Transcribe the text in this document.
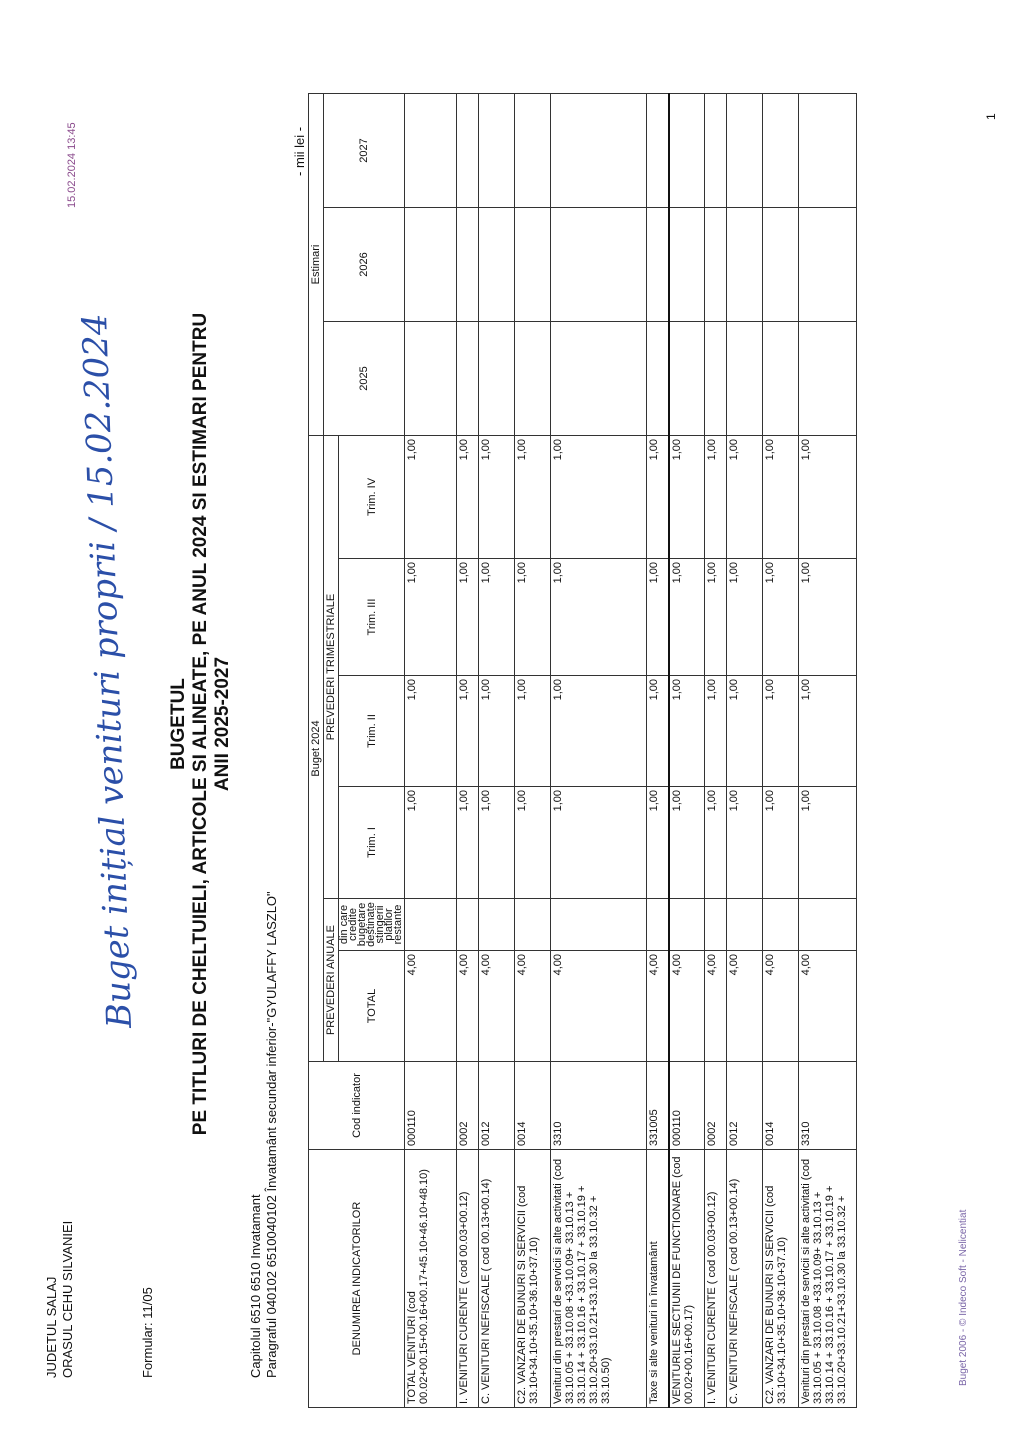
JUDETUL SALAJ ORASUL CEHU SILVANIEI	Formular: 11/05
15.02.2024 13:45
Buget inițial venituri proprii / 15.02.2024 BUGETUL PE TITLURI DE CHELTUIELI, ARTICOLE SI ALINEATE, PE ANUL 2024 SI ESTIMARI PENTRU ANII 2025-2027
Capitolul 6510 6510 Invatamant Paragraful 040102 6510040102 Învatamânt secundar inferior-"GYULAFFY LASZLO"
- mii lei -
DENUMIREA INDICATORILOR	Cod indicator	Buget 2024						Estimari		
		PREVEDERI ANUALE		PREVEDERI TRIMESTRIALE				2025	2026	2027
		TOTAL	din care credite bugetare destinate stingerii platilor restante	Trim. I	Trim. II	Trim. III	Trim. IV			

TOTAL VENITURI (cod 00.02+00.15+00.16+00.17+45.10+46.10+48.10)	000110	4,00		1,00	1,00	1,00	1,00			
I. VENITURI CURENTE ( cod 00.03+00.12)	0002	4,00		1,00	1,00	1,00	1,00			
C. VENITURI NEFISCALE ( cod 00.13+00.14)	0012	4,00		1,00	1,00	1,00	1,00			
C2. VANZARI DE BUNURI SI SERVICII (cod 33.10+34.10+35.10+36.10+37.10)	0014	4,00		1,00	1,00	1,00	1,00			
Venituri din prestari de servicii si alte activitati (cod 33.10.05 + 33.10.08 +33.10.09+ 33.10.13 + 33.10.14 + 33.10.16 + 33.10.17 + 33.10.19 + 33.10.20+33.10.21+33.10.30 la 33.10.32 + 33.10.50)	3310	4,00		1,00	1,00	1,00	1,00			
Taxe si alte venituri in învatamânt	331005	4,00		1,00	1,00	1,00	1,00			
VENITURILE SECTIUNII DE FUNCTIONARE (cod 00.02+00.16+00.17)	000110	4,00		1,00	1,00	1,00	1,00			
I. VENITURI CURENTE ( cod 00.03+00.12)	0002	4,00		1,00	1,00	1,00	1,00			
C. VENITURI NEFISCALE ( cod 00.13+00.14)	0012	4,00		1,00	1,00	1,00	1,00			
C2. VANZARI DE BUNURI SI SERVICII (cod 33.10+34.10+35.10+36.10+37.10)	0014	4,00		1,00	1,00	1,00	1,00			
Venituri din prestari de servicii si alte activitati (cod 33.10.05 + 33.10.08 +33.10.09+ 33.10.13 + 33.10.14 + 33.10.16 + 33.10.17 + 33.10.19 + 33.10.20+33.10.21+33.10.30 la 33.10.32 +	3310	4,00		1,00	1,00	1,00	1,00			
Buget 2006 - © Indeco Soft - Nelicentiat
1
